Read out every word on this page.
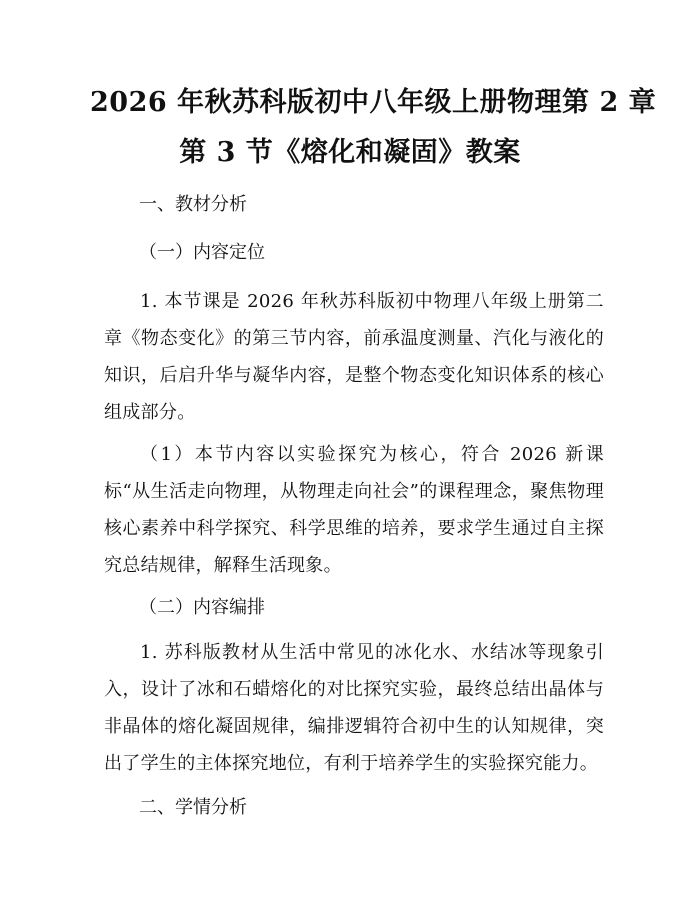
2026 年秋苏科版初中八年级上册物理第 2 章
第 3 节《熔化和凝固》教案
一、教材分析
（一）内容定位
1. 本节课是 2026 年秋苏科版初中物理八年级上册第二章《物态变化》的第三节内容，前承温度测量、汽化与液化的知识，后启升华与凝华内容，是整个物态变化知识体系的核心组成部分。
（1）本节内容以实验探究为核心，符合 2026 新课标“从生活走向物理，从物理走向社会”的课程理念，聚焦物理核心素养中科学探究、科学思维的培养，要求学生通过自主探究总结规律，解释生活现象。
（二）内容编排
1. 苏科版教材从生活中常见的冰化水、水结冰等现象引入，设计了冰和石蜡熔化的对比探究实验，最终总结出晶体与非晶体的熔化凝固规律，编排逻辑符合初中生的认知规律，突出了学生的主体探究地位，有利于培养学生的实验探究能力。
二、学情分析
